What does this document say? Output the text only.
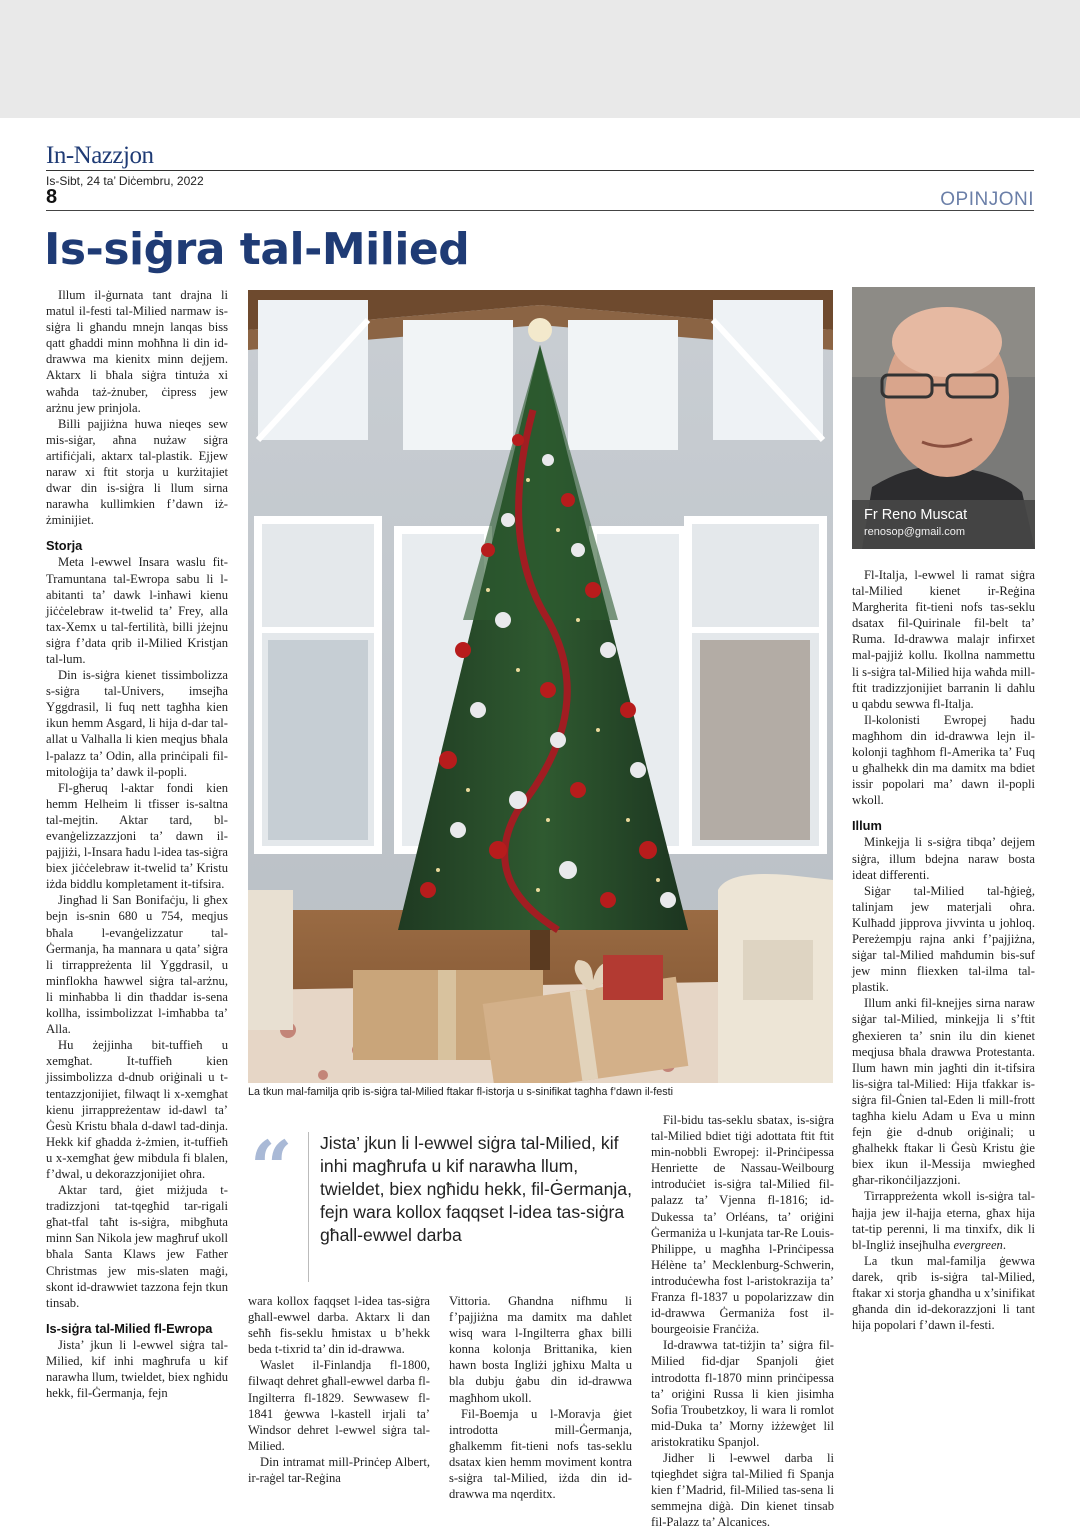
In-Nazzjon
Is-Sibt, 24 ta’ Diċembru, 2022
8	OPINJONI
Is-siġra tal-Milied

Illum il-ġurnata tant drajna li matul il-festi tal-Milied narmaw is-siġra li għandu mnejn lanqas biss qatt għaddi minn moħħna li din id-drawwa ma kienitx minn dejjem. Aktarx li bħala siġra tintuża xi waħda taż-żnuber, ċipress jew arżnu jew prinjola.

Billi pajjiżna huwa nieqes sew mis-siġar, aħna nużaw siġra artifiċjali, aktarx tal-plastik. Ejjew naraw xi ftit storja u kurżitajiet dwar din is-siġra li llum sirna narawha kullimkien f’dawn iż-żminijiet.

Storja

Meta l-ewwel Insara waslu fit-Tramuntana tal-Ewropa sabu li l-abitanti ta’ dawk l-inħawi kienu jiċċelebraw it-twelid ta’ Frey, alla tax-Xemx u tal-fertilità, billi jżejnu siġra f’data qrib il-Milied Kristjan tal-lum.

Din is-siġra kienet tissimbolizza s-siġra tal-Univers, imsejħa Yggdrasil, li fuq nett tagħha kien ikun hemm Asgard, li hija d-dar tal-allat u Valhalla li kien meqjus bħala l-palazz ta’ Odin, alla prinċipali fil-mitoloġija ta’ dawk il-popli.

Fl-għeruq l-aktar fondi kien hemm Helheim li tfisser is-saltna tal-mejtin. Aktar tard, bl-evanġelizzazzjoni ta’ dawn il-pajjiżi, l-Insara ħadu l-idea tas-siġra biex jiċċelebraw it-twelid ta’ Kristu iżda biddlu kompletament it-tifsira.

Jingħad li San Bonifaċju, li għex bejn is-snin 680 u 754, meqjus bħala l-evanġelizzatur tal-Ġermanja, ħa mannara u qata’ siġra li tirrappreżenta lil Yggdrasil, u minflokha ħawwel siġra tal-arżnu, li minħabba li din tħaddar is-sena kollha, issimbolizzat l-imħabba ta’ Alla.

Hu żejjinha bit-tuffieħ u xemgħat. It-tuffieħ kien jissimbolizza d-dnub oriġinali u t-tentazzjonijiet, filwaqt li x-xemgħat kienu jirrappreżentaw id-dawl ta’ Ġesù Kristu bħala d-dawl tad-dinja. Hekk kif għadda ż-żmien, it-tuffieħ u x-xemgħat ġew mibdula fi blalen, f’dwal, u dekorazzjonijiet oħra.

Aktar tard, ġiet miżjuda t-tradizzjoni tat-tqegħid tar-rigali għat-tfal taħt is-siġra, mibgħuta minn San Nikola jew magħruf ukoll bħala Santa Klaws jew Father Christmas jew mis-slaten maġi, skont id-drawwiet tazzona fejn tkun tinsab.

Is-siġra tal-Milied fl-Ewropa

Jista’ jkun li l-ewwel siġra tal-Milied, kif inhi magħrufa u kif narawha llum, twieldet, biex ngħidu hekk, fil-Ġermanja, fejn

La tkun mal-familja qrib is-siġra tal-Milied ftakar fl-istorja u s-sinifikat tagħha f’dawn il-festi
Fr Reno Muscat
renosop@gmail.com
“ Jista’ jkun li l-ewwel siġra tal-Milied, kif inhi magħrufa u kif narawha llum, twieldet, biex ngħidu hekk, fil-Ġermanja, fejn wara kollox faqqset l-idea tas-siġra għall-ewwel darba

wara kollox faqqset l-idea tas-siġra għall-ewwel darba. Aktarx li dan seħħ fis-seklu ħmistax u b’hekk beda t-tixrid ta’ din id-drawwa.

Waslet il-Finlandja fl-1800, filwaqt dehret għall-ewwel darba fl-Ingilterra fl-1829. Sewwasew fl-1841 ġewwa l-kastell irjali ta’ Windsor dehret l-ewwel siġra tal-Milied.

Din intramat mill-Prinċep Albert, ir-raġel tar-Reġina

Vittoria. Għandna nifhmu li f’pajjiżna ma damitx ma daħlet wisq wara l-Ingilterra għax billi konna kolonja Brittanika, kien hawn bosta Ingliżi jgħixu Malta u bla dubju ġabu din id-drawwa magħhom ukoll.

Fil-Boemja u l-Moravja ġiet introdotta mill-Ġermanja, għalkemm fit-tieni nofs tas-seklu dsatax kien hemm moviment kontra s-siġra tal-Milied, iżda din id-drawwa ma nqerditx.

Fil-bidu tas-seklu sbatax, is-siġra tal-Milied bdiet tiġi adottata ftit ftit min-nobbli Ewropej: il-Prinċipessa Henriette de Nassau-Weilbourg introduċiet is-siġra tal-Milied fil-palazz ta’ Vjenna fl-1816; id-Dukessa ta’ Orléans, ta’ oriġini Ġermaniża u l-kunjata tar-Re Louis-Philippe, u magħha l-Prinċipessa Hélène ta’ Mecklenburg-Schwerin, introduċewha fost l-aristokrazija ta’ Franza fl-1837 u popolarizzaw din id-drawwa Ġermaniża fost il-bourgeoisie Franċiża.

Id-drawwa tat-tiżjin ta’ siġra fil-Milied fid-djar Spanjoli ġiet introdotta fl-1870 minn prinċipessa ta’ oriġini Russa li kien jisimha Sofia Troubetzkoy, li wara li romlot mid-Duka ta’ Morny iżżewġet lil aristokratiku Spanjol.

Jidher li l-ewwel darba li tqiegħdet siġra tal-Milied fi Spanja kien f’Madrid, fil-Milied tas-sena li semmejna diġà. Din kienet tinsab fil-Palazz ta’ Alcanices.

Fl-Italja, l-ewwel li ramat siġra tal-Milied kienet ir-Reġina Margherita fit-tieni nofs tas-seklu dsatax fil-Quirinale fil-belt ta’ Ruma. Id-drawwa malajr infirxet mal-pajjiż kollu. Ikollna nammettu li s-siġra tal-Milied hija waħda mill-ftit tradizzjonijiet barranin li daħlu u qabdu sewwa fl-Italja.

Il-kolonisti Ewropej ħadu magħhom din id-drawwa lejn il-kolonji tagħhom fl-Amerika ta’ Fuq u għalhekk din ma damitx ma bdiet issir popolari ma’ dawn il-popli wkoll.

Illum

Minkejja li s-siġra tibqa’ dejjem siġra, illum bdejna naraw bosta ideat differenti.

Siġar tal-Milied tal-ħġieġ, talinjam jew materjali oħra. Kulħadd jipprova jivvinta u johloq. Pereżempju rajna anki f’pajjiżna, siġar tal-Milied maħdumin bis-suf jew minn fliexken tal-ilma tal-plastik.

Illum anki fil-knejjes sirna naraw siġar tal-Milied, minkejja li s’ftit għexieren ta’ snin ilu din kienet meqjusa bħala drawwa Protestanta. Ilum hawn min jagħti din it-tifsira lis-siġra tal-Milied: Hija tfakkar is-siġra fil-Ġnien tal-Eden li mill-frott tagħha kielu Adam u Eva u minn fejn ġie d-dnub oriġinali; u għalhekk ftakar li Ġesù Kristu ġie biex ikun il-Messija mwiegħed għar-rikonċiljazzjoni.

Tirrappreżenta wkoll is-siġra tal-ħajja jew il-ħajja eterna, għax hija tat-tip perenni, li ma tinxifx, dik li bl-Ingliż insejħulha evergreen.

La tkun mal-familja ġewwa darek, qrib is-siġra tal-Milied, ftakar xi storja għandha u x’sinifikat għanda din id-dekorazzjoni li tant hija popolari f’dawn il-festi.
